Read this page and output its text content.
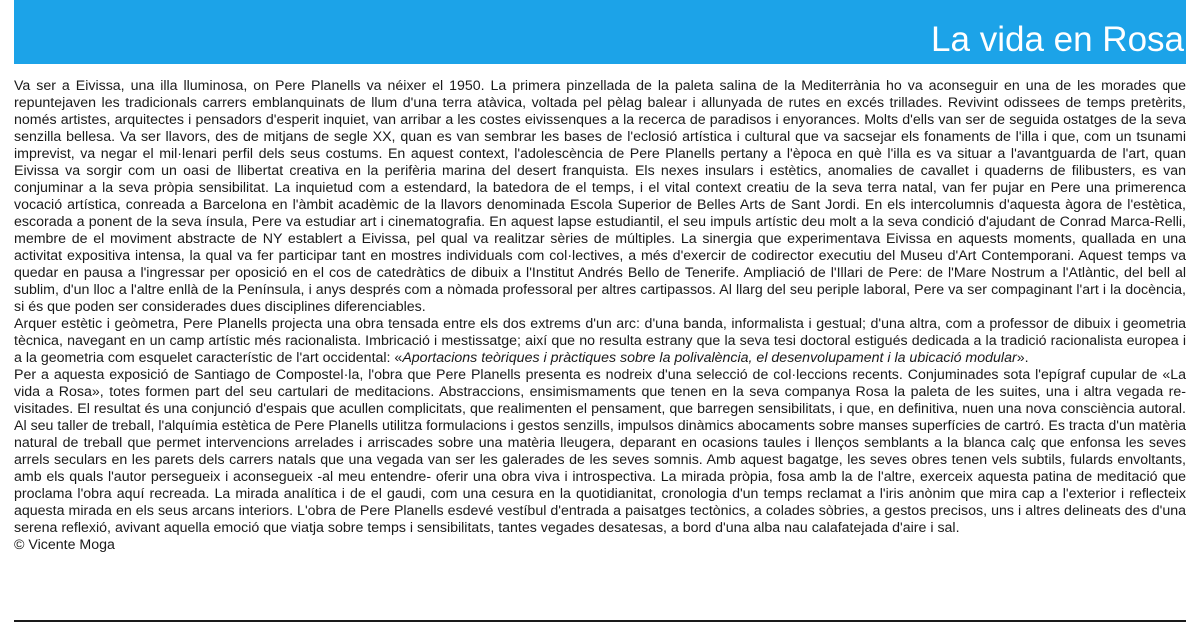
La vida en Rosa

Va ser a Eivissa, una illa lluminosa, on Pere Planells va néixer el 1950. La primera pinzellada de la paleta salina de la Mediterrània ho va aconseguir en una de les morades que repuntejaven les tradicionals carrers emblanquinats de llum d'una terra atàvica, voltada pel pèlag balear i allunyada de rutes en excés trillades. Revivint odissees de temps pretèrits, només artistes, arquitectes i pensadors d'esperit inquiet, van arribar a les costes eivissenques a la recerca de paradisos i enyorances. Molts d'ells van ser de seguida ostatges de la seva senzilla bellesa. Va ser llavors, des de mitjans de segle XX, quan es van sembrar les bases de l'eclosió artística i cultural que va sacsejar els fonaments de l'illa i que, com un tsunami imprevist, va negar el mil·lenari perfil dels seus costums. En aquest context, l'adolescència de Pere Planells pertany a l'època en què l'illa es va situar a l'avantguarda de l'art, quan Eivissa va sorgir com un oasi de llibertat creativa en la perifèria marina del desert franquista. Els nexes insulars i estètics, anomalies de cavallet i quaderns de filibusters, es van conjuminar a la seva pròpia sensibilitat. La inquietud com a estendard, la batedora de el temps, i el vital context creatiu de la seva terra natal, van fer pujar en Pere una primerenca vocació artística, conreada a Barcelona en l'àmbit acadèmic de la llavors denominada Escola Superior de Belles Arts de Sant Jordi. En els intercolumnis d'aquesta àgora de l'estètica, escorada a ponent de la seva ínsula, Pere va estudiar art i cinematografia. En aquest lapse estudiantil, el seu impuls artístic deu molt a la seva condició d'ajudant de Conrad Marca-Relli, membre de el moviment abstracte de NY establert a Eivissa, pel qual va realitzar sèries de múltiples. La sinergia que experimentava Eivissa en aquests moments, quallada en una activitat expositiva intensa, la qual va fer participar tant en mostres individuals com col·lectives, a més d'exercir de codirector executiu del Museu d'Art Contemporani. Aquest temps va quedar en pausa a l'ingressar per oposició en el cos de catedràtics de dibuix a l'Institut Andrés Bello de Tenerife. Ampliació de l'Illari de Pere: de l'Mare Nostrum a l'Atlàntic, del bell al sublim, d'un lloc a l'altre enllà de la Península, i anys després com a nòmada professoral per altres cartipassos. Al llarg del seu periple laboral, Pere va ser compaginant l'art i la docència, si és que poden ser considerades dues disciplines diferenciables.

Arquer estètic i geòmetra, Pere Planells projecta una obra tensada entre els dos extrems d'un arc: d'una banda, informalista i gestual; d'una altra, com a professor de dibuix i geometria tècnica, navegant en un camp artístic més racionalista. Imbricació i mestissatge; així que no resulta estrany que la seva tesi doctoral estigués dedicada a la tradició racionalista europea i a la geometria com esquelet característic de l'art occidental: «Aportacions teòriques i pràctiques sobre la polivalència, el desenvolupament i la ubicació modular».

Per a aquesta exposició de Santiago de Compostel·la, l'obra que Pere Planells presenta es nodreix d'una selecció de col·leccions recents. Conjuminades sota l'epígraf cupular de «La vida a Rosa», totes formen part del seu cartulari de meditacions. Abstraccions, ensimismaments que tenen en la seva companya Rosa la paleta de les suites, una i altra vegada re-visitades. El resultat és una conjunció d'espais que acullen complicitats, que realimenten el pensament, que barregen sensibilitats, i que, en definitiva, nuen una nova consciència autoral. Al seu taller de treball, l'alquímia estètica de Pere Planells utilitza formulacions i gestos senzills, impulsos dinàmics abocaments sobre manses superfícies de cartró. Es tracta d'un matèria natural de treball que permet intervencions arrelades i arriscades sobre una matèria lleugera, deparant en ocasions taules i llenços semblants a la blanca calç que enfonsa les seves arrels seculars en les parets dels carrers natals que una vegada van ser les galerades de les seves somnis. Amb aquest bagatge, les seves obres tenen vels subtils, fulards envoltants, amb els quals l'autor persegueix i aconsegueix -al meu entendre- oferir una obra viva i introspectiva. La mirada pròpia, fosa amb la de l'altre, exerceix aquesta patina de meditació que proclama l'obra aquí recreada. La mirada analítica i de el gaudi, com una cesura en la quotidianitat, cronologia d'un temps reclamat a l'iris anònim que mira cap a l'exterior i reflecteix aquesta mirada en els seus arcans interiors. L'obra de Pere Planells esdevé vestíbul d'entrada a paisatges tectònics, a colades sòbries, a gestos precisos, uns i altres delineats des d'una serena reflexió, avivant aquella emoció que viatja sobre temps i sensibilitats, tantes vegades desatesas, a bord d'una alba nau calafatejada d'aire i sal.

© Vicente Moga
